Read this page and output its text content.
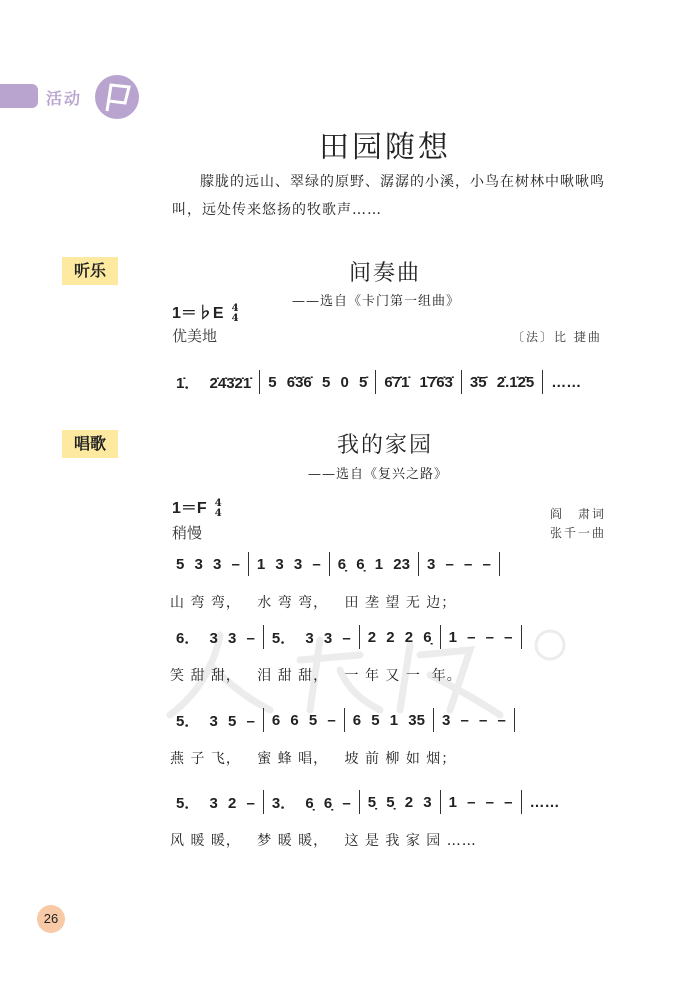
活动
田园随想
朦胧的远山、翠绿的原野、潺潺的小溪，小鸟在树林中啾啾鸣叫，远处传来悠扬的牧歌声……
听乐	间奏曲
——选自《卡门第一组曲》
1＝♭E 4
4
优美地	〔法〕比 捷曲
1̇． 2̇4̇3̇2̇1̇	5 6̇3̇6̇ 5 0 5̇	6̇7̇1̇ 1̇7̇6̇3̇	3̇5̇ 2̇.1̇2̇5	……
唱歌	我的家园
——选自《复兴之路》
1＝F 4
4
稍慢
阎　肃词
张千一曲
5 3 3 –	1 3 3 –	6̣ 6̣ 1 23	3 – – –
山 弯 弯，   水 弯 弯，   田 垄 望 无 边；
6． 3 3 –	5． 3 3 –	2 2 2 6̣	1 – – –
笑 甜 甜，   泪 甜 甜，   一 年 又 一  年。
5． 3 5 –	6 6 5 –	6 5 1 35	3 – – –
燕 子 飞，   蜜 蜂 唱，   坡 前 柳 如 烟；
5． 3 2 –	3． 6̣ 6̣ –	5̣ 5̣ 2 3	1 – – –	……
风 暖 暖，   梦 暖 暖，   这 是 我 家 园 ……
26
